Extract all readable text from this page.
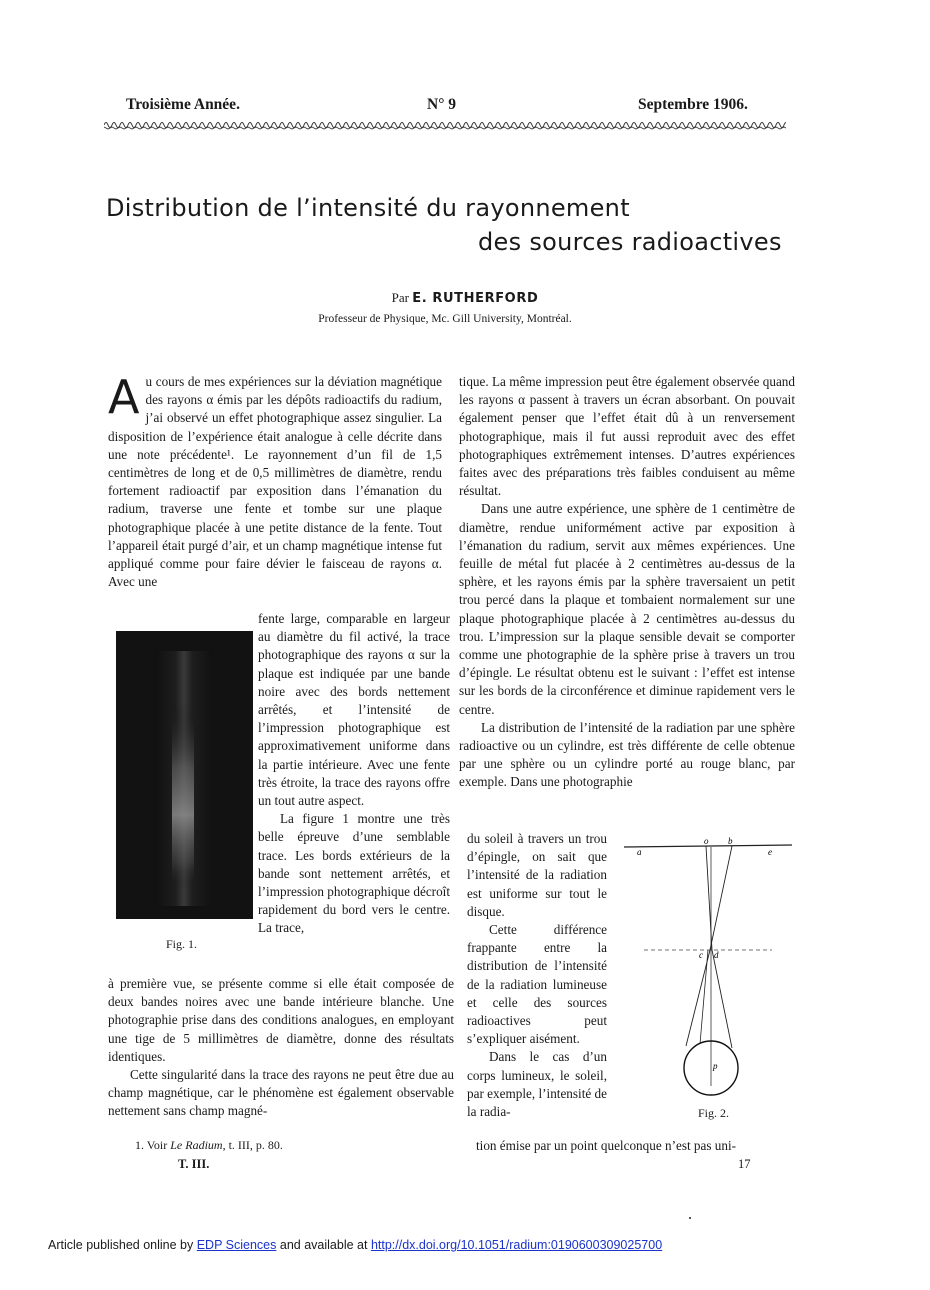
Troisième Année.	N° 9	Septembre 1906.
Distribution de l’intensité du rayonnement
des sources radioactives
Par E. RUTHERFORD
Professeur de Physique, Mc. Gill University, Montréal.

Au cours de mes expériences sur la déviation magnétique des rayons α émis par les dépôts radioactifs du radium, j’ai observé un effet photographique assez singulier. La disposition de l’expérience était analogue à celle décrite dans une note précédente¹. Le rayonnement d’un fil de 1,5 centimètres de long et de 0,5 millimètres de diamètre, rendu fortement radioactif par exposition dans l’émanation du radium, traverse une fente et tombe sur une plaque photographique placée à une petite distance de la fente. Tout l’appareil était purgé d’air, et un champ magnétique intense fut appliqué comme pour faire dévier le faisceau de rayons α. Avec une

Fig. 1.

fente large, comparable en largeur au diamètre du fil activé, la trace photographique des rayons α sur la plaque est indiquée par une bande noire avec des bords nettement arrêtés, et l’intensité de l’impression photographique est approximativement uniforme dans la partie intérieure. Avec une fente très étroite, la trace des rayons offre un tout autre aspect.

La figure 1 montre une très belle épreuve d’une semblable trace. Les bords extérieurs de la bande sont nettement arrêtés, et l’impression photographique décroît rapidement du bord vers le centre. La trace,

à première vue, se présente comme si elle était composée de deux bandes noires avec une bande intérieure blanche. Une photographie prise dans des conditions analogues, en employant une tige de 5 millimètres de diamètre, donne des résultats identiques.

Cette singularité dans la trace des rayons ne peut être due au champ magnétique, car le phénomène est également observable nettement sans champ magné-

1. Voir Le Radium, t. III, p. 80.
T. III.

tique. La même impression peut être également observée quand les rayons α passent à travers un écran absorbant. On pouvait également penser que l’effet était dû à un renversement photographique, mais il fut aussi reproduit avec des effet photographiques extrêmement intenses. D’autres expériences faites avec des préparations très faibles conduisent au même résultat.

Dans une autre expérience, une sphère de 1 centimètre de diamètre, rendue uniformément active par exposition à l’émanation du radium, servit aux mêmes expériences. Une feuille de métal fut placée à 2 centimètres au-dessus de la sphère, et les rayons émis par la sphère traversaient un petit trou percé dans la plaque et tombaient normalement sur une plaque photographique placée à 2 centimètres au-dessus du trou. L’impression sur la plaque sensible devait se comporter comme une photographie de la sphère prise à travers un trou d’épingle. Le résultat obtenu est le suivant : l’effet est intense sur les bords de la circonférence et diminue rapidement vers le centre.

La distribution de l’intensité de la radiation par une sphère radioactive ou un cylindre, est très différente de celle obtenue par une sphère ou un cylindre porté au rouge blanc, par exemple. Dans une photographie

du soleil à travers un trou d’épingle, on sait que l’intensité de la radiation est uniforme sur tout le disque.

Cette différence frappante entre la distribution de l’intensité de la radiation lumineuse et celle des sources radioactives peut s’expliquer aisément.

Dans le cas d’un corps lumineux, le soleil, par exemple, l’intensité de la radia-

a
o b
e
c d
p
Fig. 2.

tion émise par un point quelconque n’est pas uni-

17
Article published online by EDP Sciences and available at http://dx.doi.org/10.1051/radium:0190600309025700
